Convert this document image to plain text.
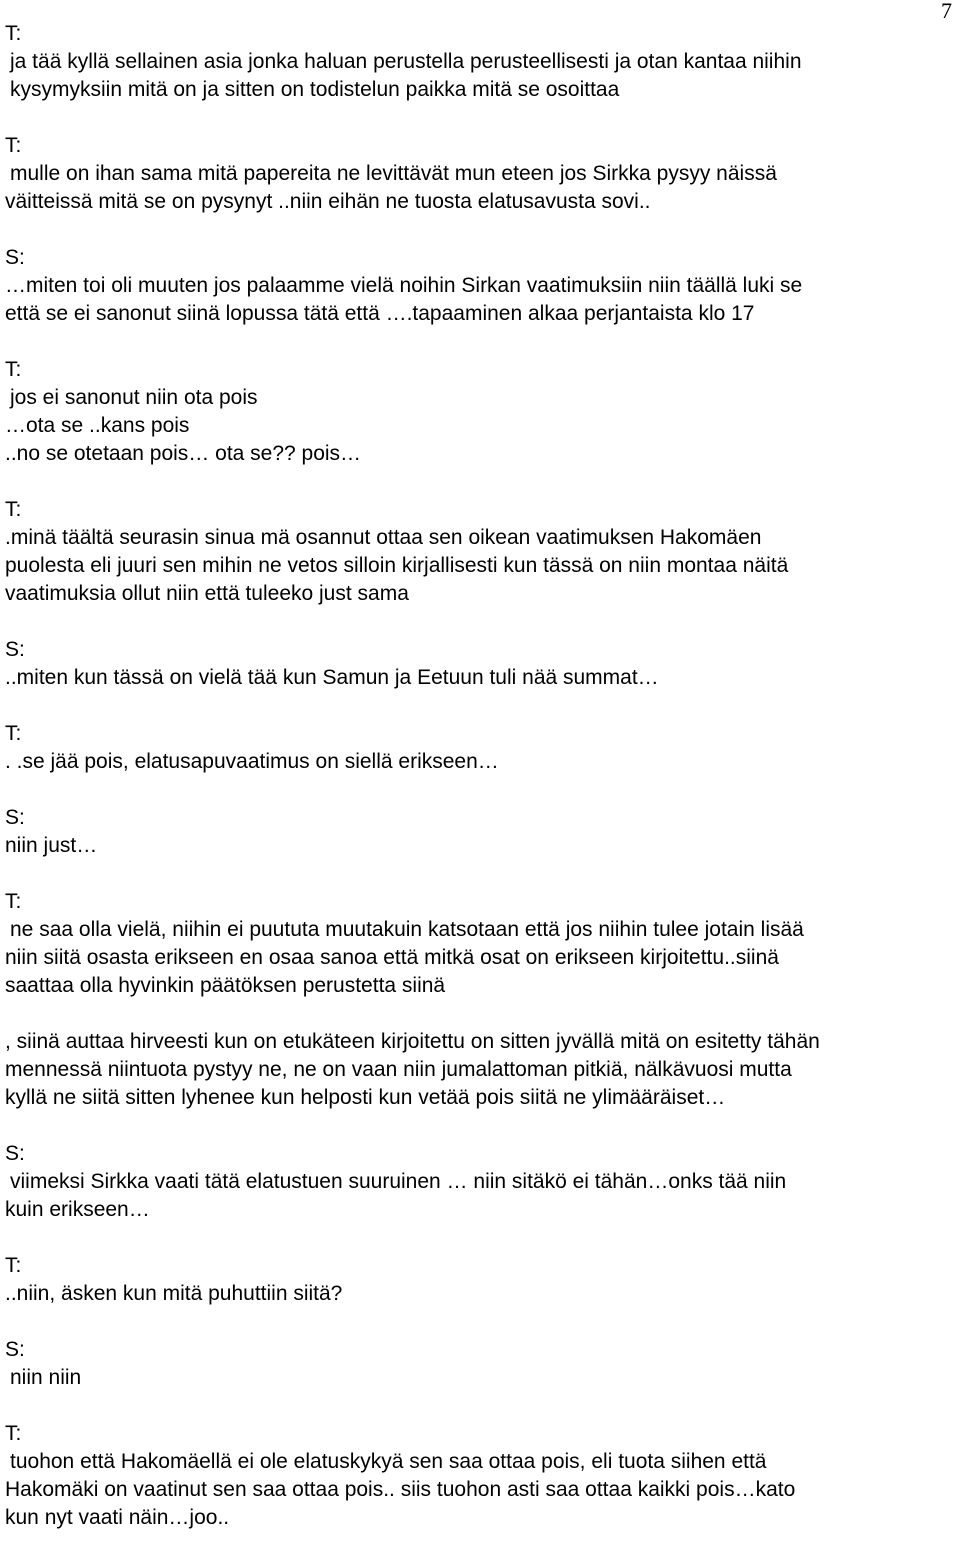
7
T:
ja tää kyllä sellainen asia jonka haluan perustella perusteellisesti ja otan kantaa niihin
kysymyksiin mitä on ja sitten on todistelun paikka mitä se osoittaa
T:
mulle on ihan sama mitä papereita ne levittävät mun eteen jos Sirkka pysyy näissä
väitteissä mitä se on pysynyt ..niin eihän ne tuosta elatusavusta sovi..
S:
…miten toi oli muuten jos palaamme vielä noihin Sirkan vaatimuksiin niin täällä luki se
että se ei sanonut siinä lopussa tätä että ….tapaaminen alkaa perjantaista klo 17
T:
jos ei sanonut niin ota pois
…ota se ..kans pois
..no se otetaan pois… ota se?? pois…
T:
.minä täältä seurasin sinua mä osannut ottaa sen oikean vaatimuksen Hakomäen
puolesta eli juuri sen mihin ne vetos silloin kirjallisesti kun tässä on niin montaa näitä
vaatimuksia ollut niin että tuleeko just sama
S:
..miten kun tässä on vielä tää kun Samun ja Eetuun tuli nää summat…
T:
. .se jää pois, elatusapuvaatimus on siellä erikseen…
S:
niin just…
T:
ne saa olla vielä, niihin ei puututa muutakuin katsotaan että jos niihin tulee jotain lisää
niin siitä osasta erikseen en osaa sanoa että mitkä osat on erikseen kirjoitettu..siinä
saattaa olla hyvinkin päätöksen perustetta siinä
, siinä auttaa hirveesti kun on etukäteen kirjoitettu on sitten jyvällä mitä on esitetty tähän
mennessä niintuota pystyy ne, ne on vaan niin jumalattoman pitkiä, nälkävuosi mutta
kyllä ne siitä sitten lyhenee kun helposti kun vetää pois siitä ne ylimääräiset…
S:
viimeksi Sirkka vaati tätä elatustuen suuruinen … niin sitäkö ei tähän…onks tää niin
kuin erikseen…
T:
..niin, äsken kun mitä puhuttiin siitä?
S:
niin niin
T:
tuohon että Hakomäellä ei ole elatuskykyä sen saa ottaa pois, eli tuota siihen että
Hakomäki on vaatinut sen saa ottaa pois.. siis tuohon asti saa ottaa kaikki pois…kato
kun nyt vaati näin…joo..
